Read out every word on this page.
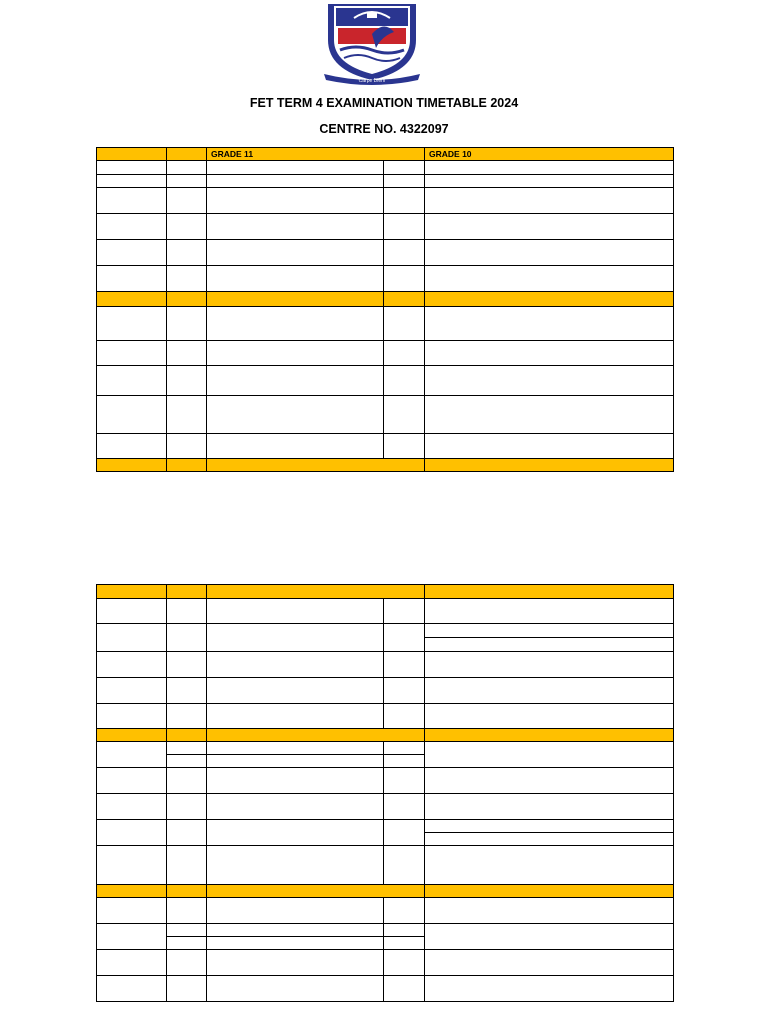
Carpe Diem
FET TERM 4 EXAMINATION TIMETABLE 2024
CENTRE NO. 4322097
		GRADE 11		GRADE 10
